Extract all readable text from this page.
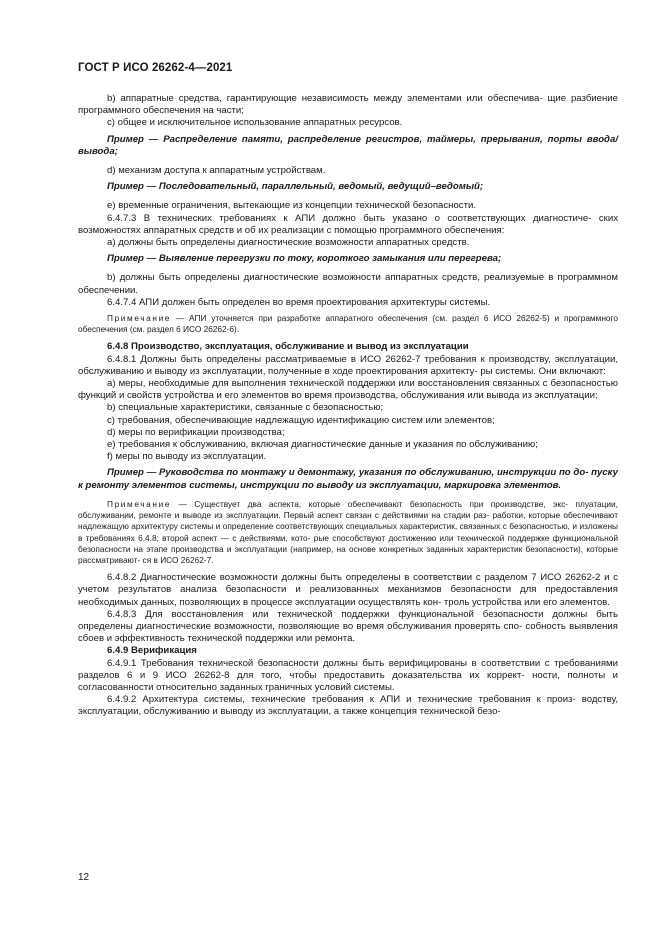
ГОСТ Р ИСО 26262-4—2021

b) аппаратные средства, гарантирующие независимость между элементами или обеспечива- щие разбиение программного обеспечения на части;

c) общее и исключительное использование аппаратных ресурсов.

Пример — Распределение памяти, распределение регистров, таймеры, прерывания, порты ввода/вывода;

d) механизм доступа к аппаратным устройствам.

Пример — Последовательный, параллельный, ведомый, ведущий–ведомый;

e) временные ограничения, вытекающие из концепции технической безопасности.

6.4.7.3 В технических требованиях к АПИ должно быть указано о соответствующих диагностиче- ских возможностях аппаратных средств и об их реализации с помощью программного обеспечения:

a) должны быть определены диагностические возможности аппаратных средств.

Пример — Выявление перегрузки по току, короткого замыкания или перегрева;

b) должны быть определены диагностические возможности аппаратных средств, реализуемые в программном обеспечении.

6.4.7.4 АПИ должен быть определен во время проектирования архитектуры системы.

Примечание — АПИ уточняется при разработке аппаратного обеспечения (см. раздел 6 ИСО 26262-5) и программного обеспечения (см. раздел 6 ИСО 26262-6).

6.4.8 Производство, эксплуатация, обслуживание и вывод из эксплуатации

6.4.8.1 Должны быть определены рассматриваемые в ИСО 26262-7 требования к производству, эксплуатации, обслуживанию и выводу из эксплуатации, полученные в ходе проектирования архитекту- ры системы. Они включают:

a) меры, необходимые для выполнения технической поддержки или восстановления связанных с безопасностью функций и свойств устройства и его элементов во время производства, обслуживания или вывода из эксплуатации;

b) специальные характеристики, связанные с безопасностью;

c) требования, обеспечивающие надлежащую идентификацию систем или элементов;

d) меры по верификации производства;

e) требования к обслуживанию, включая диагностические данные и указания по обслуживанию;

f) меры по выводу из эксплуатации.

Пример — Руководства по монтажу и демонтажу, указания по обслуживанию, инструкции по до- пуску к ремонту элементов системы, инструкции по выводу из эксплуатации, маркировка элементов.

Примечание — Существует два аспекта, которые обеспечивают безопасность при производстве, экс- плуатации, обслуживании, ремонте и выводе из эксплуатации. Первый аспект связан с действиями на стадии раз- работки, которые обеспечивают надлежащую архитектуру системы и определение соответствующих специальных характеристик, связанных с безопасностью, и изложены в требованиях 6.4.8; второй аспект — с действиями, кото- рые способствуют достижению или технической поддержке функциональной безопасности на этапе производства и эксплуатации (например, на основе конкретных заданных характеристик безопасности), которые рассматривают- ся в ИСО 26262-7.

6.4.8.2 Диагностические возможности должны быть определены в соответствии с разделом 7 ИСО 26262-2 и с учетом результатов анализа безопасности и реализованных механизмов безопасности для предоставления необходимых данных, позволяющих в процессе эксплуатации осуществлять кон- троль устройства или его элементов.

6.4.8.3 Для восстановления или технической поддержки функциональной безопасности должны быть определены диагностические возможности, позволяющие во время обслуживания проверять спо- собность выявления сбоев и эффективность технической поддержки или ремонта.

6.4.9 Верификация

6.4.9.1 Требования технической безопасности должны быть верифицированы в соответствии с требованиями разделов 6 и 9 ИСО 26262-8 для того, чтобы предоставить доказательства их коррект- ности, полноты и согласованности относительно заданных граничных условий системы.

6.4.9.2 Архитектура системы, технические требования к АПИ и технические требования к произ- водству, эксплуатации, обслуживанию и выводу из эксплуатации, а также концепция технической безо-

12
